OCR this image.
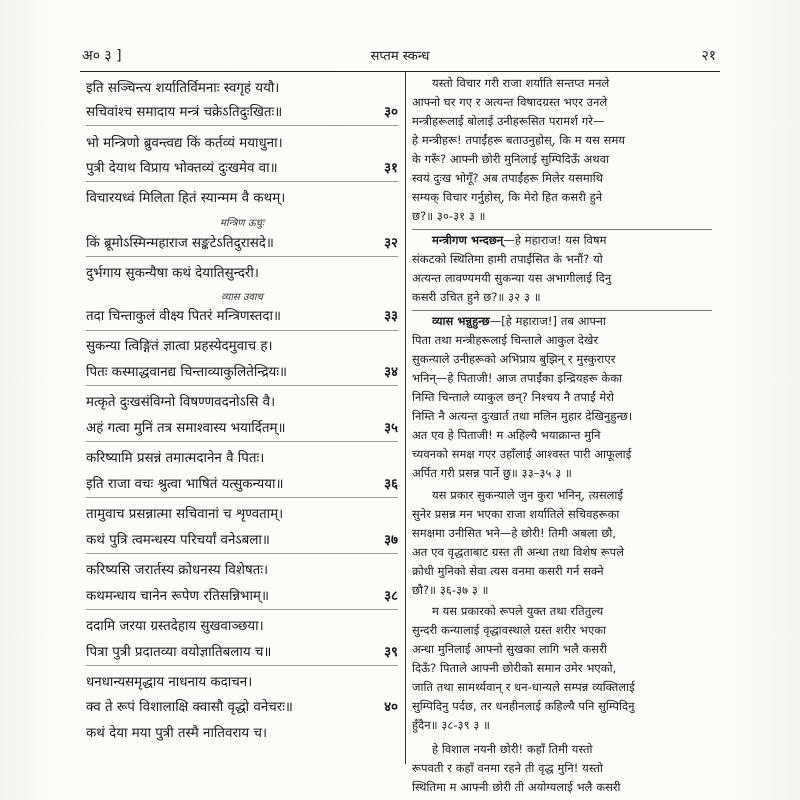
अ० ३ ]	सप्तम स्कन्ध	२१
इति सञ्चिन्त्य शर्यातिर्विमनाः स्वगृहं ययौ।
सचिवांश्च समादाय मन्त्रं चक्रेऽतिदुःखितः॥	३०
भो मन्त्रिणो ब्रुवन्त्वद्य किं कर्तव्यं मयाधुना।
पुत्री देयाथ विप्राय भोक्तव्यं दुःखमेव वा॥	३१
विचारयध्वं मिलिता हितं स्यान्मम वै कथम्।
मन्त्रिण ऊचुः
किं ब्रूमोऽस्मिन्महाराज सङ्कटेऽतिदुरासदे॥	३२
दुर्भगाय सुकन्यैषा कथं देयातिसुन्दरी।
व्यास उवाच
तदा चिन्ताकुलं वीक्ष्य पितरं मन्त्रिणस्तदा॥	३३
सुकन्या त्विङ्गितं ज्ञात्वा प्रहस्येदमुवाच ह।
पितः कस्माद्धवानद्य चिन्ताव्याकुलितेन्द्रियः॥	३४
मत्कृते दुःखसंविग्नो विषण्णवदनोऽसि वै।
अहं गत्वा मुनिं तत्र समाश्वास्य भयार्दितम्॥	३५
करिष्यामि प्रसन्नं तमात्मदानेन वै पितः।
इति राजा वचः श्रुत्वा भाषितं यत्सुकन्यया॥	३६
तामुवाच प्रसन्नात्मा सचिवानां च शृण्वताम्।
कथं पुत्रि त्वमन्धस्य परिचर्यां वनेऽबला॥	३७
करिष्यसि जरार्तस्य क्रोधनस्य विशेषतः।
कथमन्धाय चानेन रूपेण रतिसन्निभाम्॥	३८
ददामि जरया ग्रस्तदेहाय सुखवाञ्छया।
पित्रा पुत्री प्रदातव्या वयोज्ञातिबलाय च॥	३९
धनधान्यसमृद्धाय नाधनाय कदाचन।
क्व ते रूपं विशालाक्षि क्वासौ वृद्धो वनेचरः॥	४०
कथं देया मया पुत्री तस्मै नातिवराय च।
यस्तो विचार गरी राजा शर्याति सन्तप्त मनले
आफ्नो घर गए र अत्यन्त विषादग्रस्त भएर उनले
मन्त्रीहरूलाई बोलाई उनीहरूसित परामर्श गरे—
हे मन्त्रीहरू! तपाईंहरू बताउनुहोस्, कि म यस समय
के गरूँ? आफ्नी छोरी मुनिलाई सुम्पिदिऊँ अथवा
स्वयं दुःख भोगूँ? अब तपाईंहरू मिलेर यसमाथि
सम्यक् विचार गर्नुहोस्, कि मेरो हित कसरी हुने
छ?॥ ३०-३१ ३ ॥
मन्त्रीगण भन्दछन्—हे महाराज! यस विषम
संकटको स्थितिमा हामी तपाईंसित के भनौं? यो
अत्यन्त लावण्यमयी सुकन्या यस अभागीलाई दिनु
कसरी उचित हुने छ?॥ ३२ ३ ॥
व्यास भन्नुहुन्छ—[हे महाराज!] तब आफ्ना
पिता तथा मन्त्रीहरूलाई चिन्ताले आकुल देखेर
सुकन्याले उनीहरूको अभिप्राय बुझिन् र मुस्कुराएर
भनिन्—हे पिताजी! आज तपाईंका इन्द्रियहरू केका
निम्ति चिन्ताले व्याकुल छन्? निश्चय नै तपाईं मेरो
निम्ति नै अत्यन्त दुःखार्त तथा मलिन मुहार देखिनुहुन्छ।
अत एव हे पिताजी! म अहिल्यै भयाक्रान्त मुनि
च्यवनको समक्ष गएर उहाँलाई आश्वस्त पारी आफूलाई
अर्पित गरी प्रसन्न पार्ने छु॥ ३३–३५ ३ ॥
यस प्रकार सुकन्याले जुन कुरा भनिन्, त्यसलाई
सुनेर प्रसन्न मन भएका राजा शर्यातिले सचिवहरूका
समक्षमा उनीसित भने—हे छोरी! तिमी अबला छौ,
अत एव वृद्धताबाट ग्रस्त ती अन्धा तथा विशेष रूपले
क्रोधी मुनिको सेवा त्यस वनमा कसरी गर्न सक्ने
छौ?॥ ३६-३७ ३ ॥
म यस प्रकारको रूपले युक्त तथा रतितुल्य
सुन्दरी कन्यालाई वृद्धावस्थाले ग्रस्त शरीर भएका
अन्धा मुनिलाई आफ्नो सुखका लागि भलै कसरी
दिऊँ? पिताले आफ्नी छोरीको समान उमेर भएको,
जाति तथा सामर्थ्यवान् र धन-धान्यले सम्पन्न व्यक्तिलाई
सुम्पिदिनु पर्दछ, तर धनहीनलाई कहिल्यै पनि सुम्पिदिनु
हुँदैन॥ ३८-३९ ३ ॥
हे विशाल नयनी छोरी! कहाँ तिमी यस्तो
रूपवती र कहाँ वनमा रहने ती वृद्ध मुनि! यस्तो
स्थितिमा म आफ्नी छोरी ती अयोग्यलाई भलै कसरी
